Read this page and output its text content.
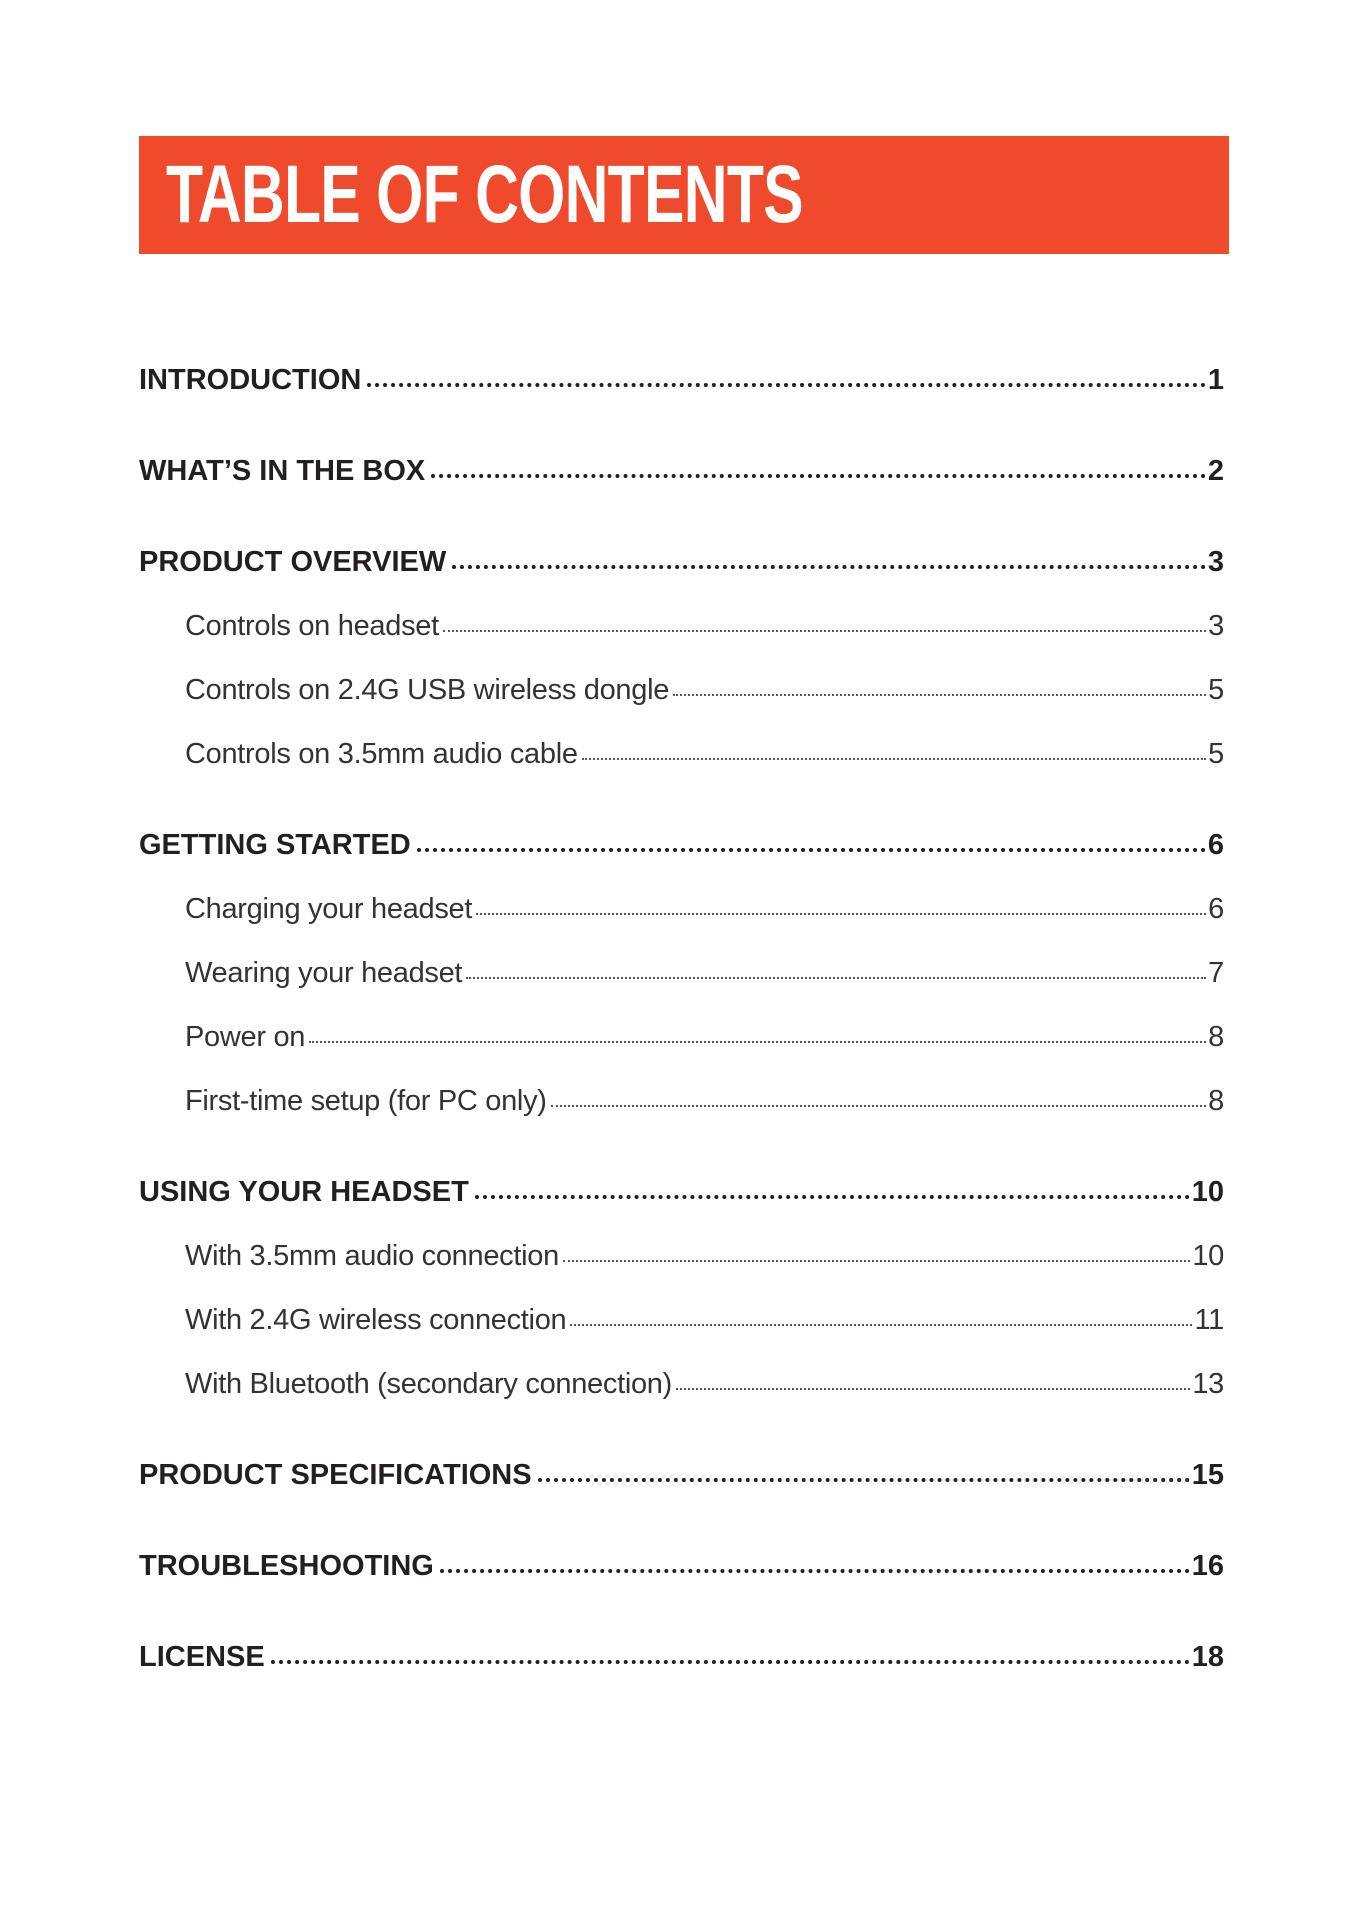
TABLE OF CONTENTS
INTRODUCTION	1
WHAT’S IN THE BOX	2
PRODUCT OVERVIEW	3
Controls on headset	3
Controls on 2.4G USB wireless dongle	5
Controls on 3.5mm audio cable	5
GETTING STARTED	6
Charging your headset	6
Wearing your headset	7
Power on	8
First-time setup (for PC only)	8
USING YOUR HEADSET	10
With 3.5mm audio connection	10
With 2.4G wireless connection	11
With Bluetooth (secondary connection)	13
PRODUCT SPECIFICATIONS	15
TROUBLESHOOTING	16
LICENSE	18
